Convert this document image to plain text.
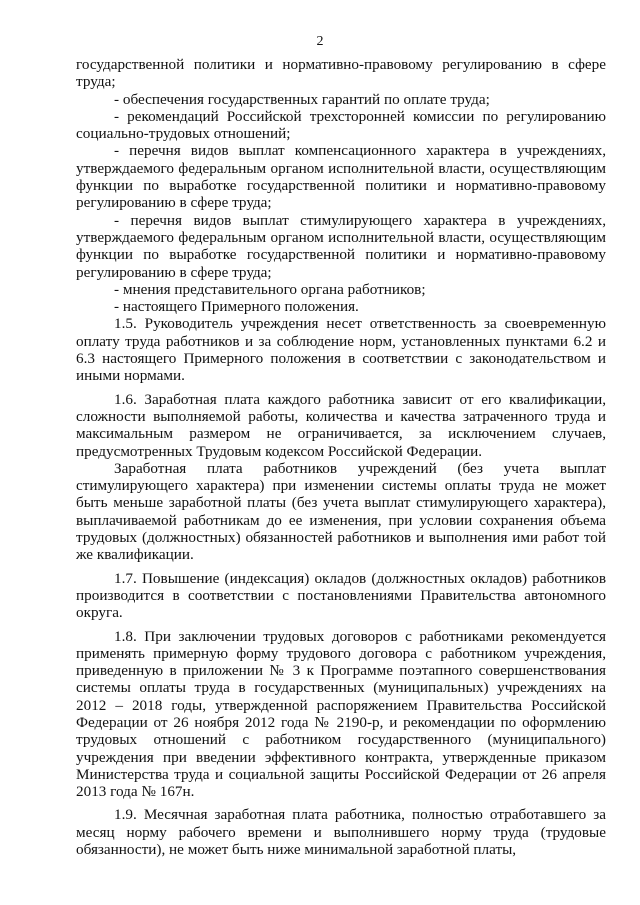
2

государственной политики и нормативно-правовому регулированию в сфере труда;

- обеспечения государственных гарантий по оплате труда;

- рекомендаций Российской трехсторонней комиссии по регулированию социально-трудовых отношений;

- перечня видов выплат компенсационного характера в учреждениях, утверждаемого федеральным органом исполнительной власти, осуществляющим функции по выработке государственной политики и нормативно-правовому регулированию в сфере труда;

- перечня видов выплат стимулирующего характера в учреждениях, утверждаемого федеральным органом исполнительной власти, осуществляющим функции по выработке государственной политики и нормативно-правовому регулированию в сфере труда;

- мнения представительного органа работников;

- настоящего Примерного положения.

1.5. Руководитель учреждения несет ответственность за своевременную оплату труда работников и за соблюдение норм, установленных пунктами 6.2 и 6.3 настоящего Примерного положения в соответствии с законодательством и иными нормами.

1.6. Заработная плата каждого работника зависит от его квалификации, сложности выполняемой работы, количества и качества затраченного труда и максимальным размером не ограничивается, за исключением случаев, предусмотренных Трудовым кодексом Российской Федерации.

Заработная плата работников учреждений (без учета выплат стимулирующего характера) при изменении системы оплаты труда не может быть меньше заработной платы (без учета выплат стимулирующего характера), выплачиваемой работникам до ее изменения, при условии сохранения объема трудовых (должностных) обязанностей работников и выполнения ими работ той же квалификации.

1.7. Повышение (индексация) окладов (должностных окладов) работников производится в соответствии с постановлениями Правительства автономного округа.

1.8. При заключении трудовых договоров с работниками рекомендуется применять примерную форму трудового договора с работником учреждения, приведенную в приложении № 3 к Программе поэтапного совершенствования системы оплаты труда в государственных (муниципальных) учреждениях на 2012 – 2018 годы, утвержденной распоряжением Правительства Российской Федерации от 26 ноября 2012 года № 2190-р, и рекомендации по оформлению трудовых отношений с работником государственного (муниципального) учреждения при введении эффективного контракта, утвержденные приказом Министерства труда и социальной защиты Российской Федерации от 26 апреля 2013 года № 167н.

1.9. Месячная заработная плата работника, полностью отработавшего за месяц норму рабочего времени и выполнившего норму труда (трудовые обязанности), не может быть ниже минимальной заработной платы,
